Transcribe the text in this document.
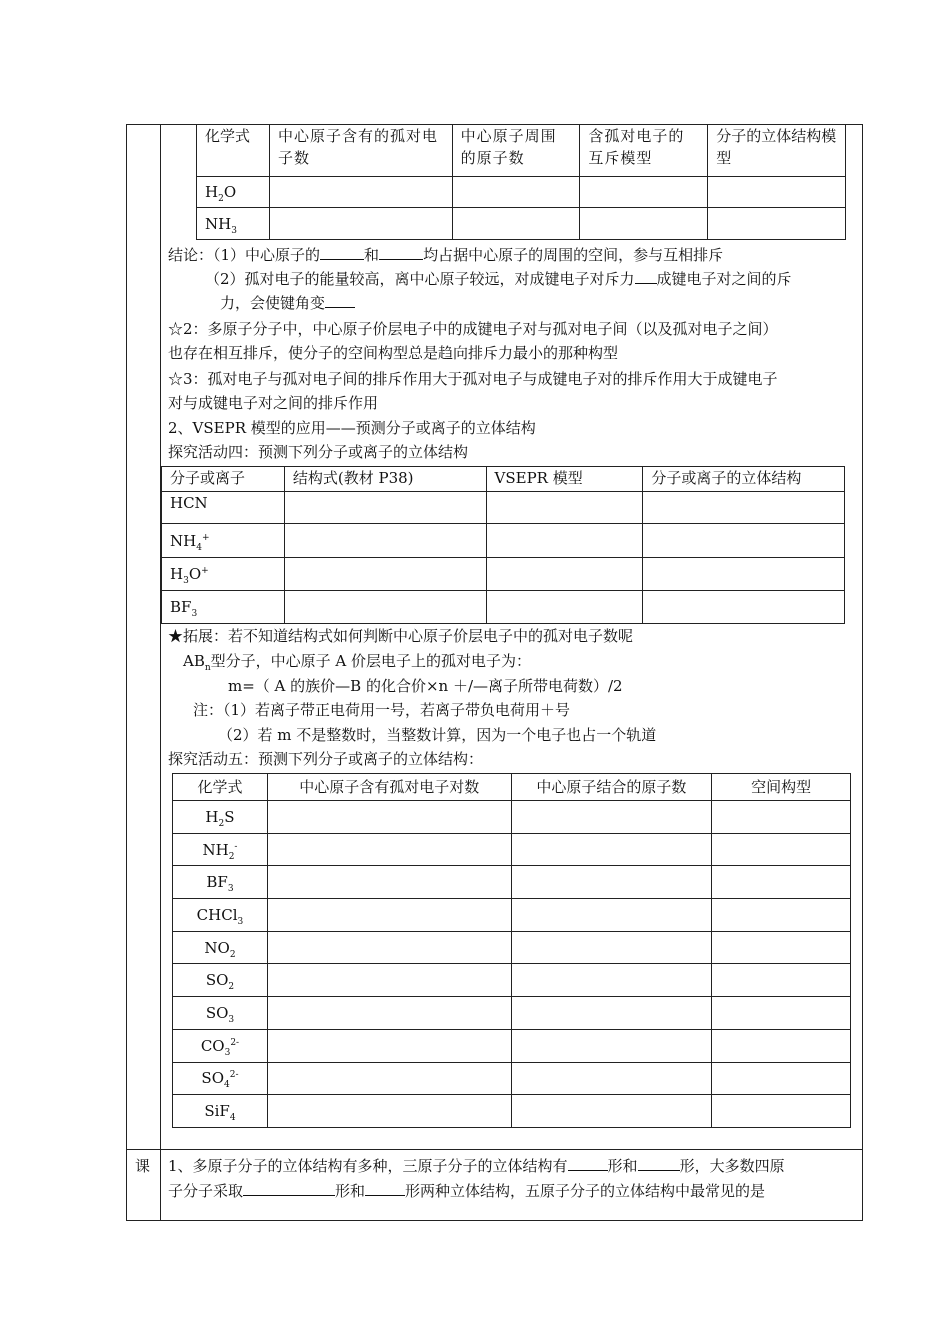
化学式	中心原子含有的孤对电子数	中心原子周围的原子数	含孤对电子的互斥模型	分子的立体结构模型
$H_2O$				
$NH_3$				
结论：（1）中心原子的	和	均占据中心原子的周围的空间，参与互相排斥
（2）孤对电子的能量较高，离中心原子较远，对成键电子对斥力 成键电子对之间的斥
力，会使键角变
☆2：多原子分子中，中心原子价层电子中的成键电子对与孤对电子间（以及孤对电子之间）
也存在相互排斥，使分子的空间构型总是趋向排斥力最小的那种构型
☆3：孤对电子与孤对电子间的排斥作用大于孤对电子与成键电子对的排斥作用大于成键电子
对与成键电子对之间的排斥作用
2、VSEPR 模型的应用——预测分子或离子的立体结构
探究活动四：预测下列分子或离子的立体结构
分子或离子	结构式(教材 P38)	VSEPR 模型	分子或离子的立体结构
HCN			
$NH_4^+$			
$H_3O^+$			
$BF_3$			
★拓展：若不知道结构式如何判断中心原子价层电子中的孤对电子数呢
$AB_n$型分子，中心原子 A 价层电子上的孤对电子为：
m=（ A 的族价—B 的化合价×n ＋/—离子所带电荷数）/2
注：（1）若离子带正电荷用一号，若离子带负电荷用＋号
（2）若 m 不是整数时，当整数计算，因为一个电子也占一个轨道
探究活动五：预测下列分子或离子的立体结构：
化学式	中心原子含有孤对电子对数	中心原子结合的原子数	空间构型
$H_2S$			
$NH_2^-$			
$BF_3$			
CHCl$_3$			
$NO_2$			
$SO_2$			
$SO_3$			
$CO_3^{2-}$			
$SO_4^{2-}$			
SiF$_4$			
课 1、多原子分子的立体结构有多种，三原子分子的立体结构有	形和	形，大多数四原
子分子采取	形和	形两种立体结构，五原子分子的立体结构中最常见的是
